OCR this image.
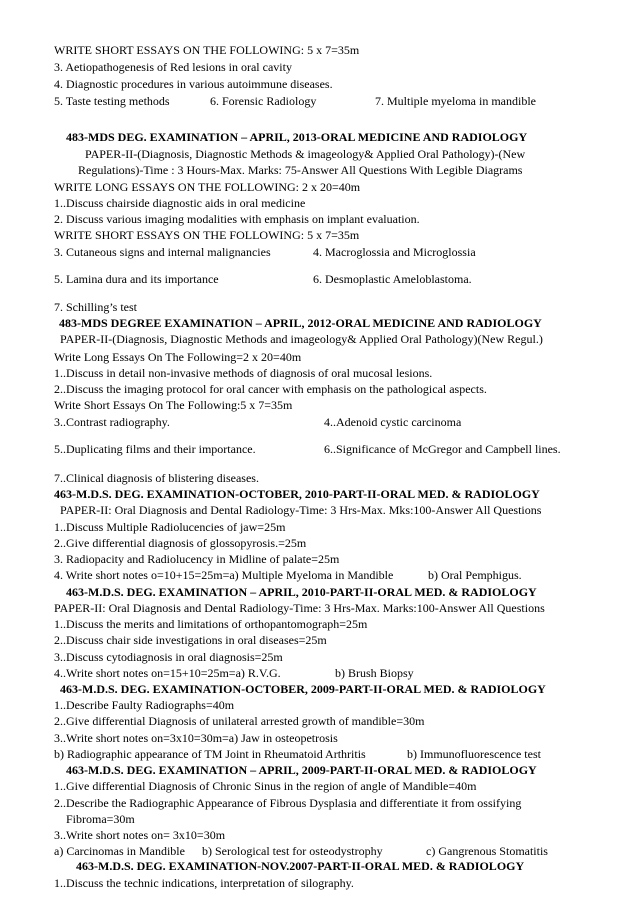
WRITE SHORT ESSAYS ON THE FOLLOWING: 5 x 7=35m
3. Aetiopathogenesis of Red lesions in oral cavity
4. Diagnostic procedures in various autoimmune diseases.
5. Taste testing methods	6. Forensic Radiology	7. Multiple myeloma in mandible
483-MDS DEG. EXAMINATION – APRIL, 2013-ORAL MEDICINE AND RADIOLOGY
PAPER-II-(Diagnosis, Diagnostic Methods & imageology& Applied Oral Pathology)-(New
Regulations)-Time : 3 Hours-Max. Marks: 75-Answer All Questions With Legible Diagrams
WRITE LONG ESSAYS ON THE FOLLOWING: 2 x 20=40m
1..Discuss chairside diagnostic aids in oral medicine
2. Discuss various imaging modalities with emphasis on implant evaluation.
WRITE SHORT ESSAYS ON THE FOLLOWING: 5 x 7=35m
3. Cutaneous signs and internal malignancies	4. Macroglossia and Microglossia
5. Lamina dura and its importance	6. Desmoplastic Ameloblastoma.
7. Schilling’s test
483-MDS DEGREE EXAMINATION – APRIL, 2012-ORAL MEDICINE AND RADIOLOGY
PAPER-II-(Diagnosis, Diagnostic Methods and imageology& Applied Oral Pathology)(New Regul.)
Write Long Essays On The Following=2 x 20=40m
1..Discuss in detail non-invasive methods of diagnosis of oral mucosal lesions.
2..Discuss the imaging protocol for oral cancer with emphasis on the pathological aspects.
Write Short Essays On The Following:5 x 7=35m
3..Contrast radiography.	4..Adenoid cystic carcinoma
5..Duplicating films and their importance.	6..Significance of McGregor and Campbell lines.
7..Clinical diagnosis of blistering diseases.
463-M.D.S. DEG. EXAMINATION-OCTOBER, 2010-PART-II-ORAL MED. & RADIOLOGY
PAPER-II: Oral Diagnosis and Dental Radiology-Time: 3 Hrs-Max. Mks:100-Answer All Questions
1..Discuss Multiple Radiolucencies of jaw=25m
2..Give differential diagnosis of glossopyrosis.=25m
3. Radiopacity and Radiolucency in Midline of palate=25m
4. Write short notes o=10+15=25m=a) Multiple Myeloma in Mandible	b) Oral Pemphigus.
463-M.D.S. DEG. EXAMINATION – APRIL, 2010-PART-II-ORAL MED. & RADIOLOGY
PAPER-II: Oral Diagnosis and Dental Radiology-Time: 3 Hrs-Max. Marks:100-Answer All Questions
1..Discuss the merits and limitations of orthopantomograph=25m
2..Discuss chair side investigations in oral diseases=25m
3..Discuss cytodiagnosis in oral diagnosis=25m
4..Write short notes on=15+10=25m=a) R.V.G.	b) Brush Biopsy
463-M.D.S. DEG. EXAMINATION-OCTOBER, 2009-PART-II-ORAL MED. & RADIOLOGY
1..Describe Faulty Radiographs=40m
2..Give differential Diagnosis of unilateral arrested growth of mandible=30m
3..Write short notes on=3x10=30m=a) Jaw in osteopetrosis
b) Radiographic appearance of TM Joint in Rheumatoid Arthritis	b) Immunofluorescence test
463-M.D.S. DEG. EXAMINATION – APRIL, 2009-PART-II-ORAL MED. & RADIOLOGY
1..Give differential Diagnosis of Chronic Sinus in the region of angle of Mandible=40m
2..Describe the Radiographic Appearance of Fibrous Dysplasia and differentiate it from ossifying
Fibroma=30m
3..Write short notes on= 3x10=30m
a) Carcinomas in Mandible b) Serological test for osteodystrophy	c) Gangrenous Stomatitis
463-M.D.S. DEG. EXAMINATION-NOV.2007-PART-II-ORAL MED. & RADIOLOGY
1..Discuss the technic indications, interpretation of silography.
